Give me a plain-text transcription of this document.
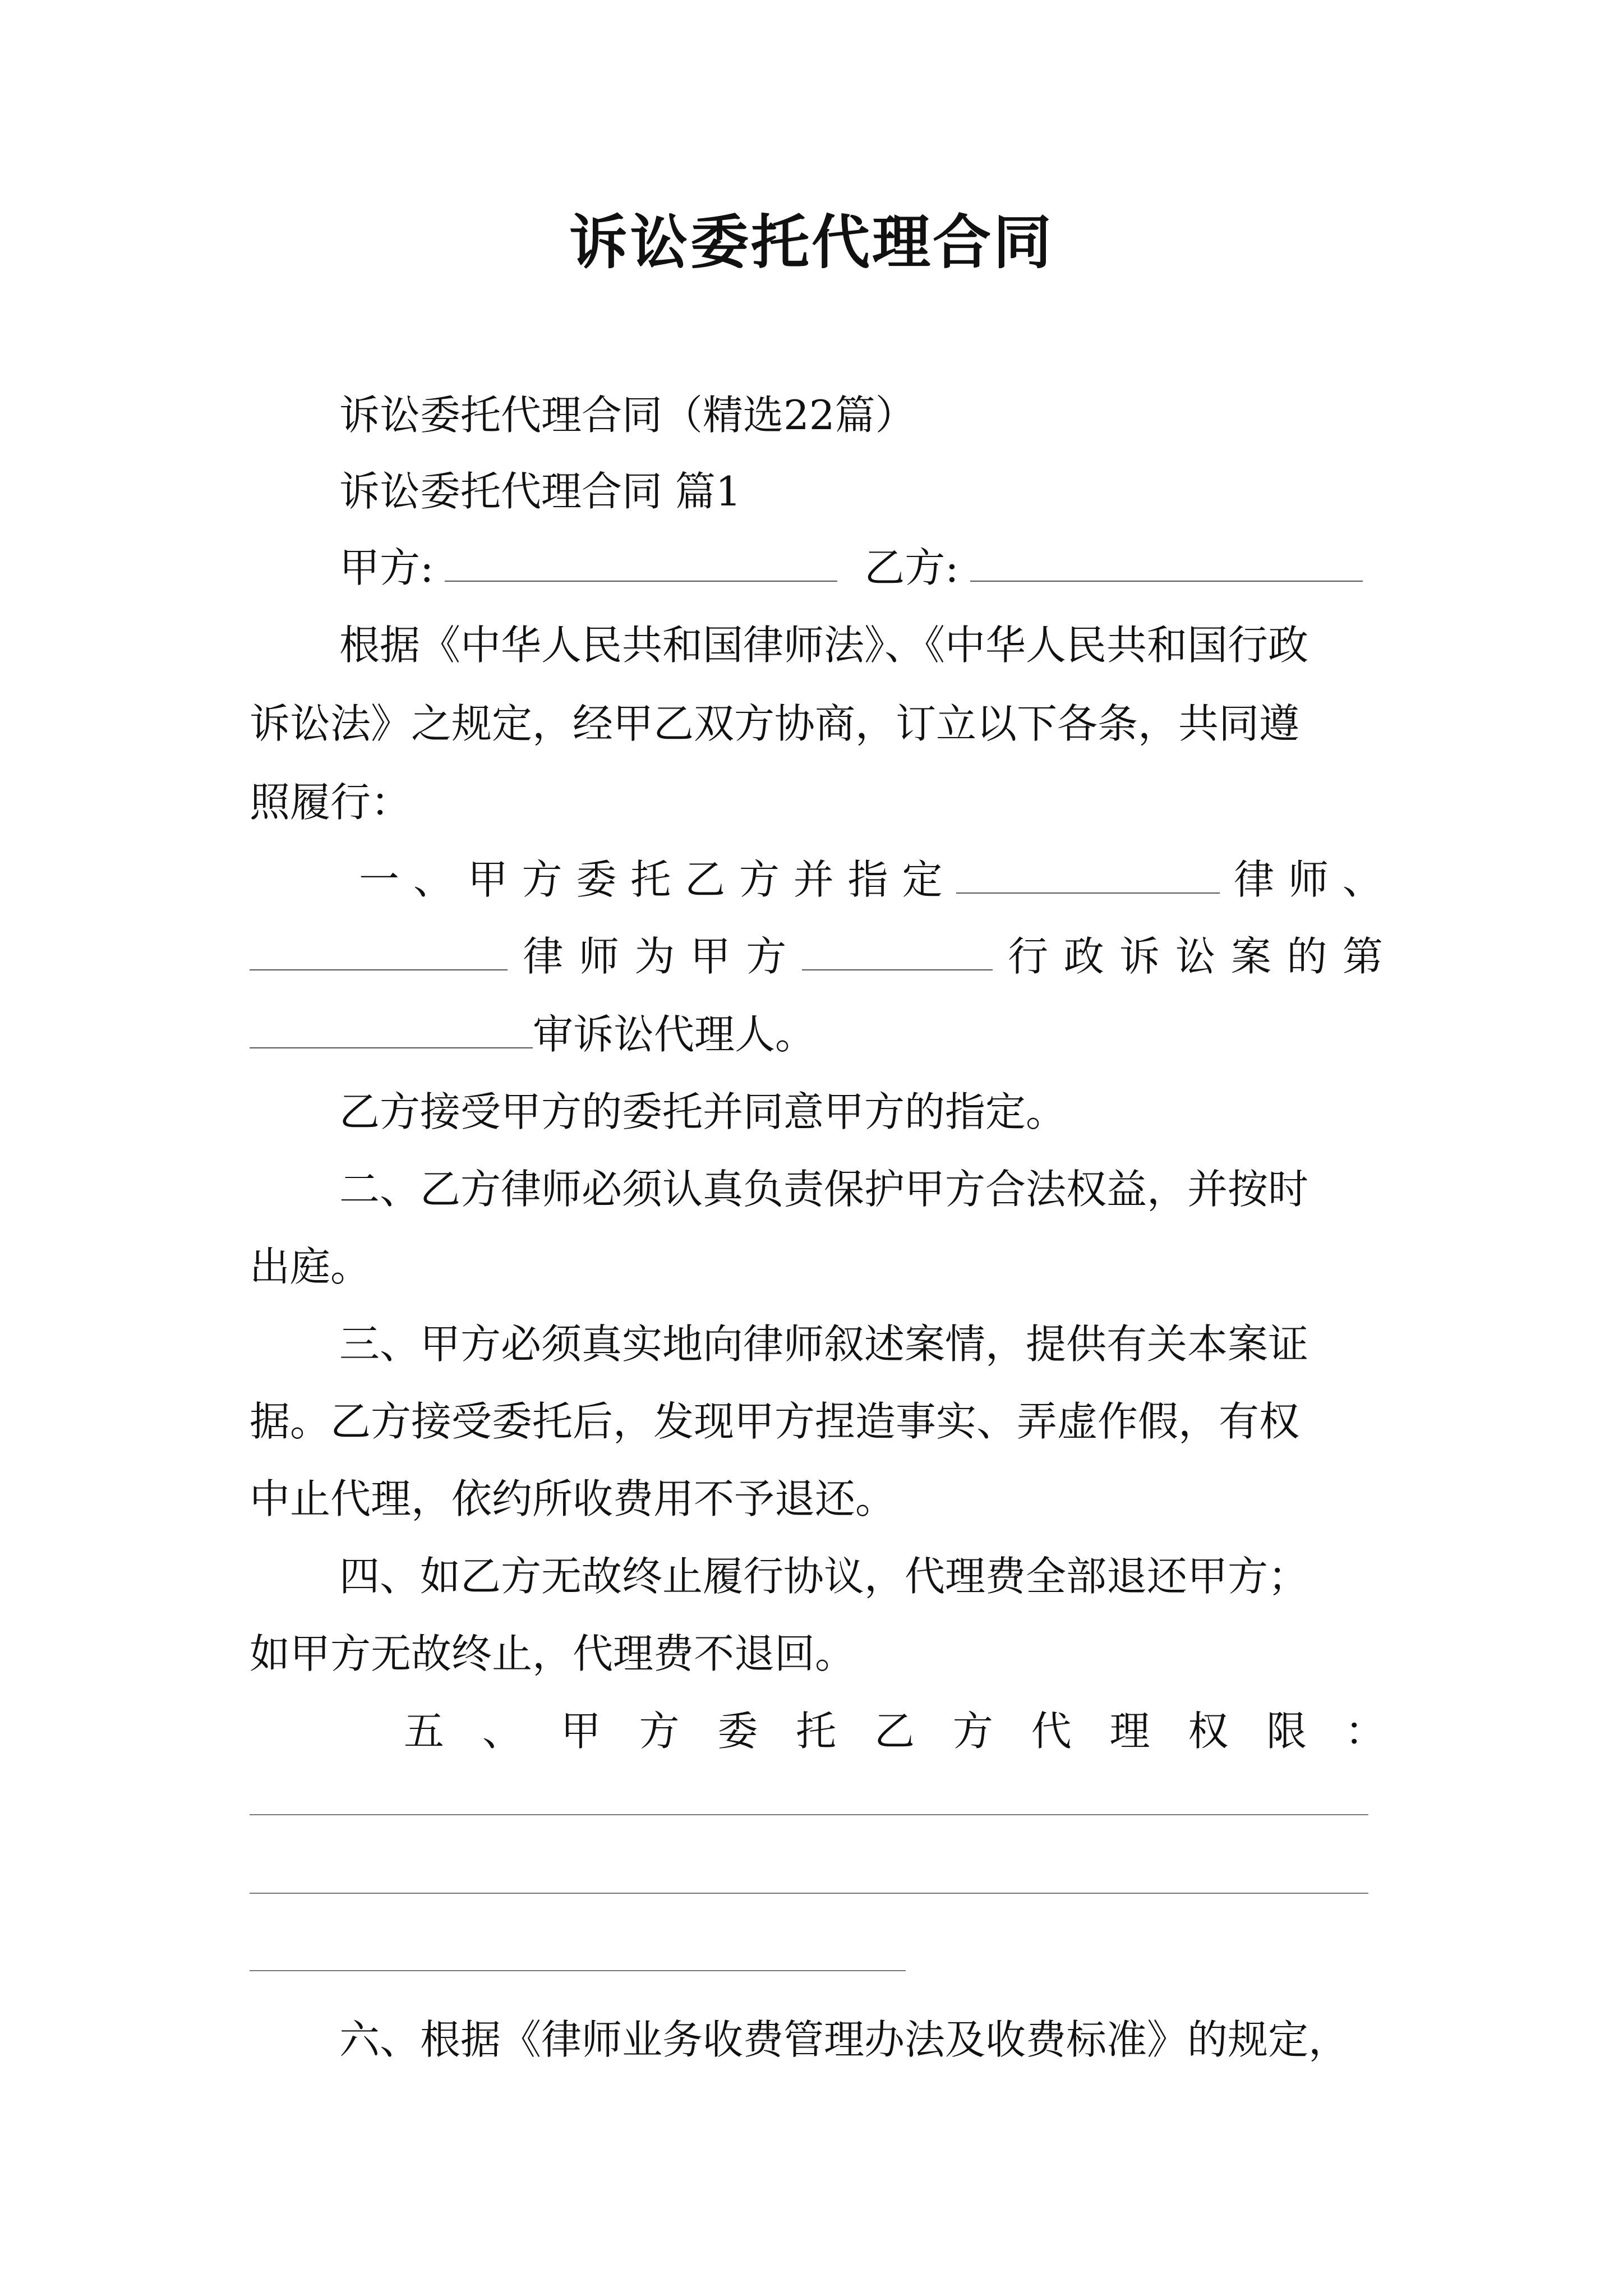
诉讼委托代理合同
诉讼委托代理合同（精选22篇）
诉讼委托代理合同 篇1
甲方:	乙方:
根据《中华人民共和国律师法》、《中华人民共和国行政
诉讼法》之规定，经甲乙双方协商，订立以下各条，共同遵
照履行：
一 、 甲 方 委 托 乙 方 并 指 定	律 师 、
律 师 为 甲 方	行 政 诉 讼 案 的 第
审诉讼代理人。
乙方接受甲方的委托并同意甲方的指定。
二、乙方律师必须认真负责保护甲方合法权益，并按时
出庭。
三、甲方必须真实地向律师叙述案情，提供有关本案证
据。乙方接受委托后，发现甲方捏造事实、弄虚作假，有权
中止代理，依约所收费用不予退还。
四、如乙方无故终止履行协议，代理费全部退还甲方；
如甲方无故终止，代理费不退回。
五 、 甲 方 委 托 乙 方 代 理 权 限 ：
六、根据《律师业务收费管理办法及收费标准》的规定，
